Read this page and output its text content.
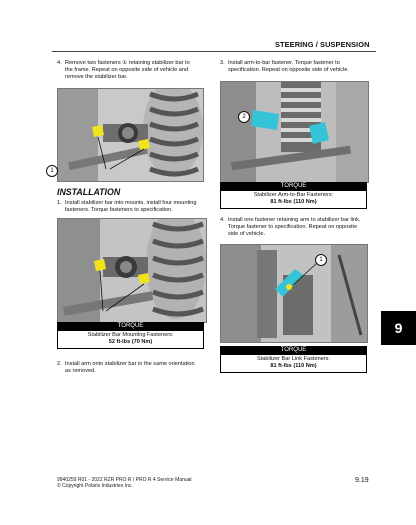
STEERING / SUSPENSION
4. Remove two fasteners ① retaining stabilizer bar to
the frame. Repeat on opposite side of vehicle and
remove the stabilizer bar.
1
INSTALLATION
1. Install stabilizer bar into mounts. install four mounting
fasteners. Torque fasteners to specification.
TORQUE
Stabilizer Bar Mounting Fasteners:
52 ft-lbs (70 Nm)
2. Install arm onto stabilizer bar in the same orientation
as removed.
3. Install arm-to-bar fastener. Torque fastener to
specification. Repeat on opposite side of vehicle.
2
TORQUE
Stabilizer Arm-to-Bar Fasteners:
81 ft-lbs (110 Nm)
4. Install one fastener retaining arm to stabilizer bar link.
Torque fastener to specification. Repeat on opposite
side of vehicle.
1
TORQUE
Stabilizer Bar Link Fasteners:
81 ft-lbs (110 Nm)
9
9940259 R01 - 2022 RZR PRO R / PRO R 4 Service Manual
© Copyright Polaris Industries Inc.
9.19
